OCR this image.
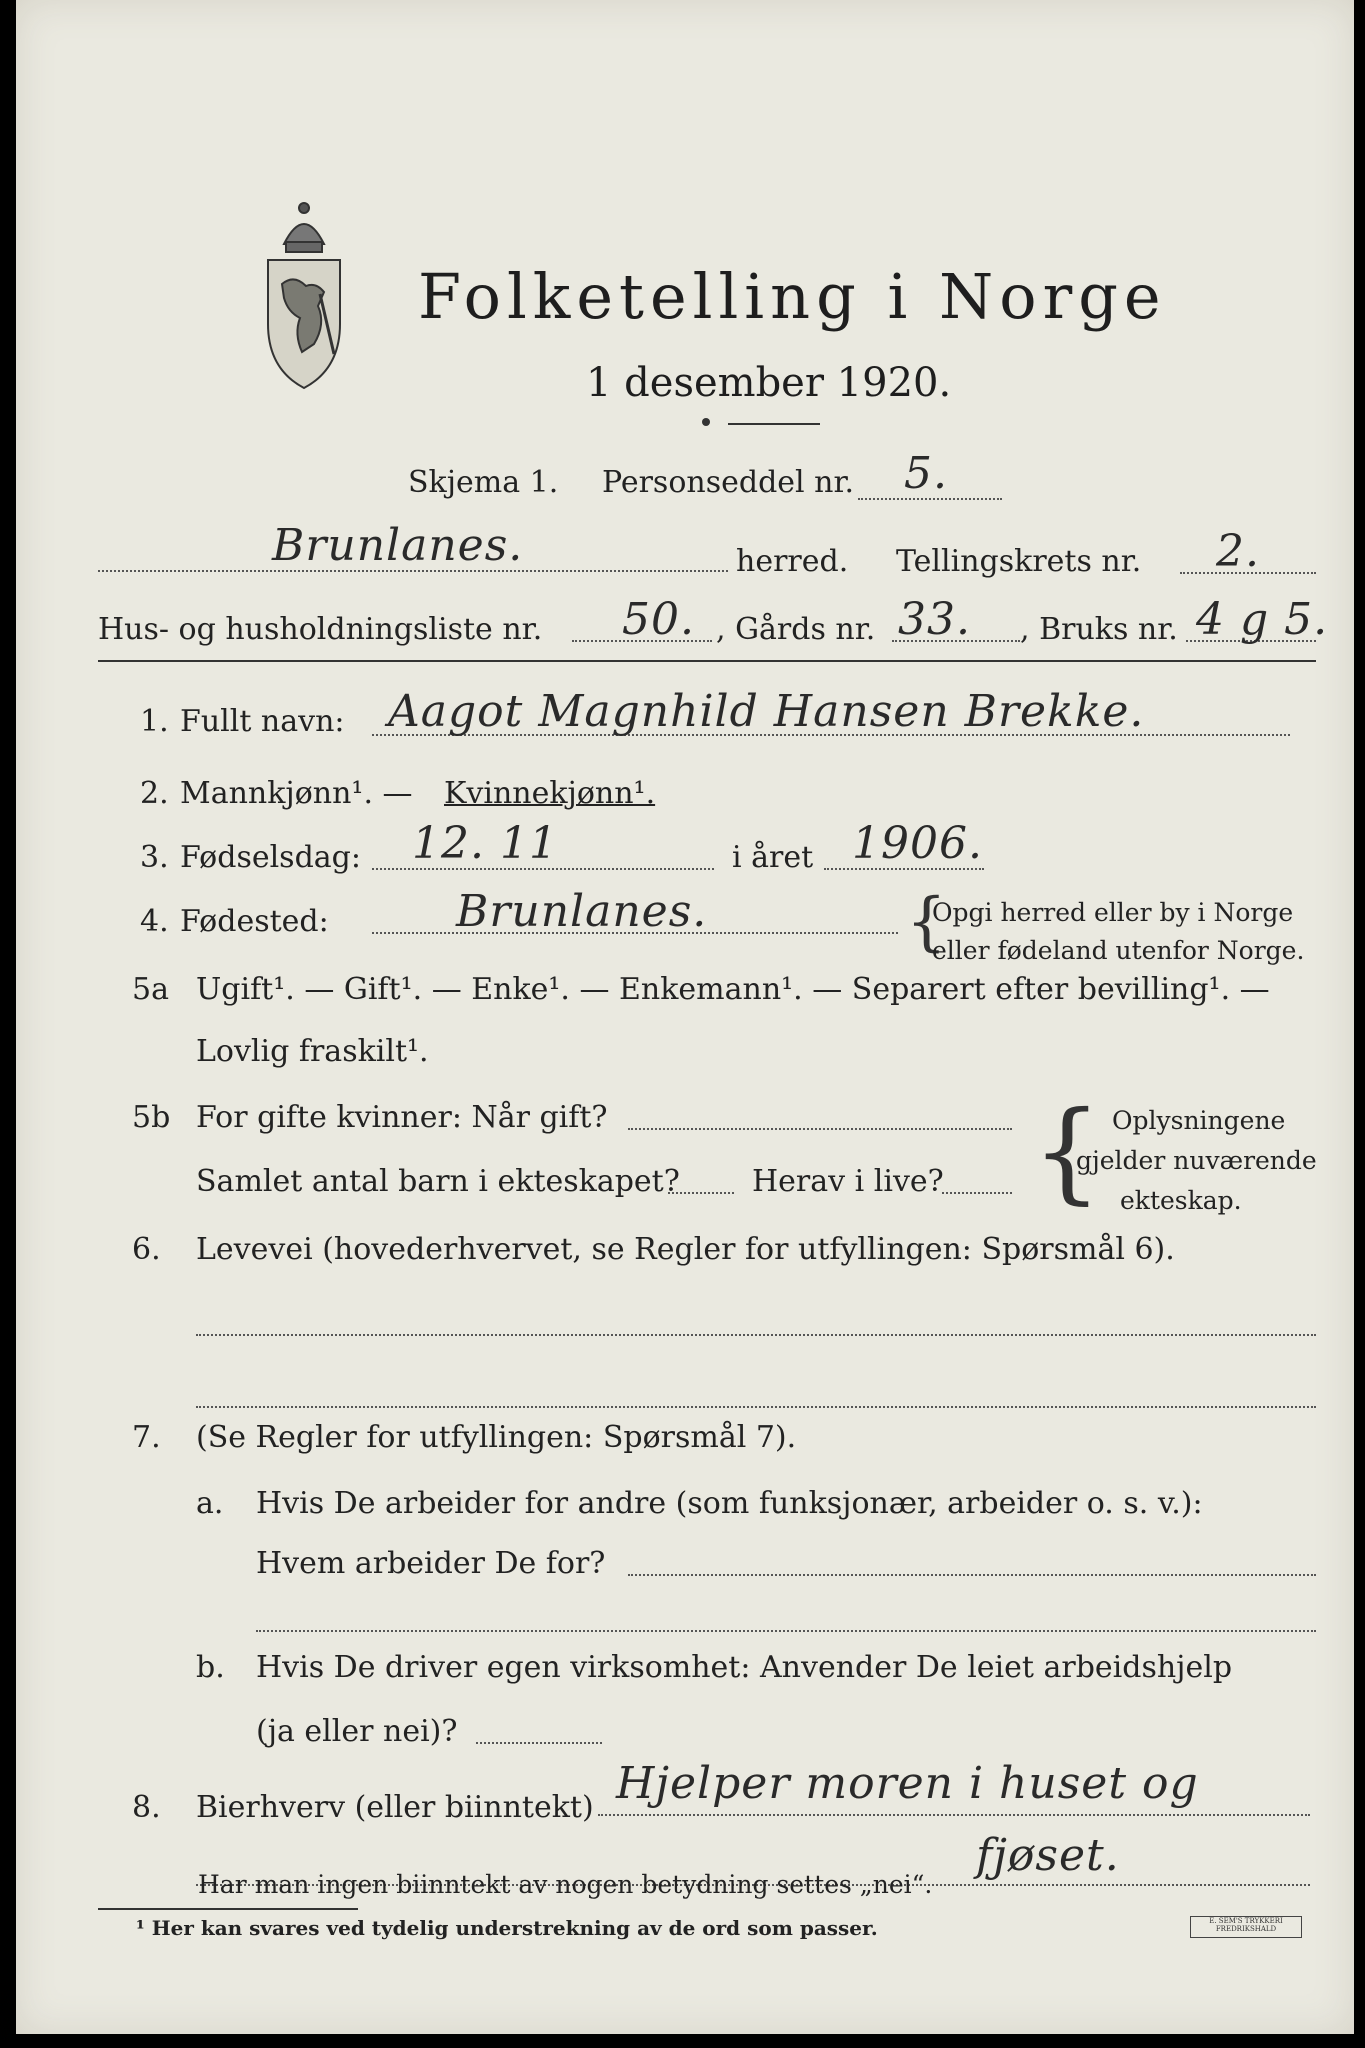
Folketelling i Norge
1 desember 1920.
Skjema 1. Personseddel nr. 5.
Brunlanes.	herred. Tellingskrets nr. 2.
Hus- og husholdningsliste nr. 50. , Gårds nr. 33. , Bruks nr. 4 g 5.
1. Fullt navn: Aagot Magnhild Hansen Brekke.
2. Mannkjønn¹. — Kvinnekjønn¹.
3. Fødselsdag: 12. 11	i året 1906.
4. Fødested:	Brunlanes.	{
Opgi herred eller by i Norge
eller fødeland utenfor Norge.
5a Ugift¹. — Gift¹. — Enke¹. — Enkemann¹. — Separert efter bevilling¹. —
Lovlig fraskilt¹.
5b For gifte kvinner: Når gift?
Samlet antal barn i ekteskapet? Herav i live? { Oplysningene
gjelder nuværende
ekteskap.
6. Levevei (hovederhvervet, se Regler for utfyllingen: Spørsmål 6).
7. (Se Regler for utfyllingen: Spørsmål 7).
a. Hvis De arbeider for andre (som funksjonær, arbeider o. s. v.):
Hvem arbeider De for?
b. Hvis De driver egen virksomhet: Anvender De leiet arbeidshjelp
(ja eller nei)?
8. Bierhverv (eller biinntekt) Hjelper moren i huset og
fjøset.
Har man ingen biinntekt av nogen betydning settes „nei“.
¹ Her kan svares ved tydelig understrekning av de ord som passer.	E. SEM'S TRYKKERI FREDRIKSHALD
